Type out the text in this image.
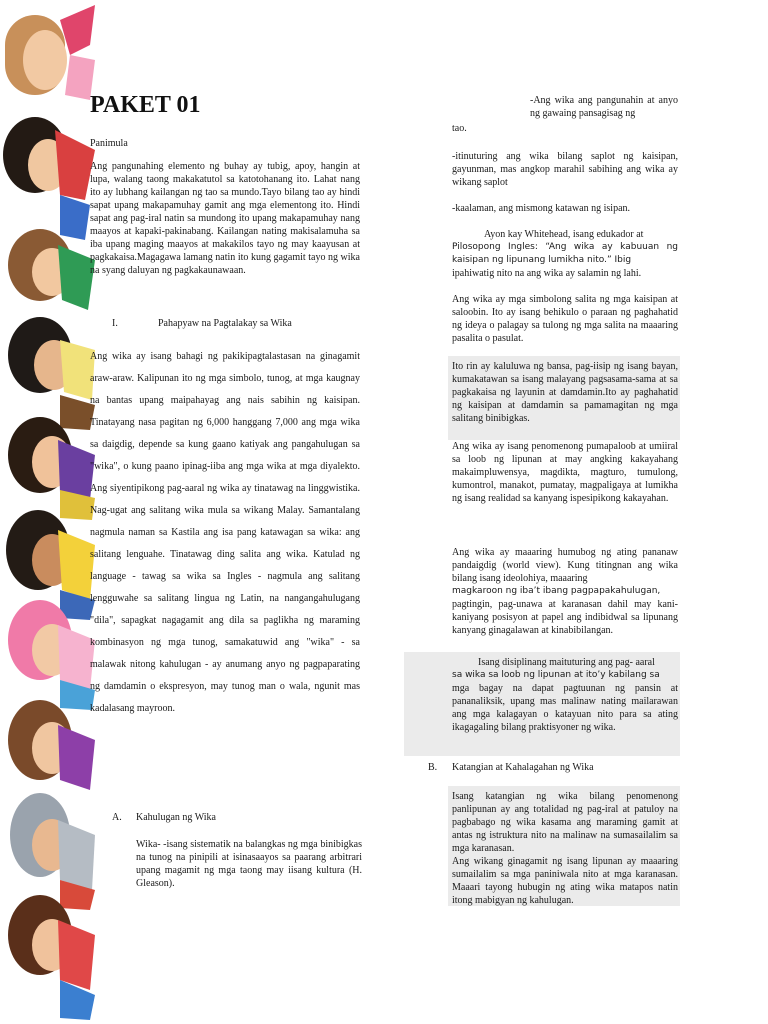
PAKET 01
Panimula
Ang pangunahing elemento ng buhay ay tubig, apoy, hangin at lupa, walang taong makakatutol sa katotohanang ito. Lahat nang ito ay lubhang kailangan ng tao sa mundo.Tayo bilang tao ay hindi sapat upang makapamuhay gamit ang mga elementong ito. Hindi sapat ang pag-iral natin sa mundong ito upang makapamuhay nang maayos at kapaki-pakinabang. Kailangan nating makisalamuha sa iba upang maging maayos at makakilos tayo ng may kaayusan at pagkakaisa.Magagawa lamang natin ito kung gagamit tayo ng wika na syang daluyan ng pagkakaunawaan.
I.	Pahapyaw na Pagtalakay sa Wika
Ang wika ay isang bahagi ng pakikipagtalastasan na ginagamit araw-araw. Kalipunan ito ng mga simbolo, tunog, at mga kaugnay na bantas upang maipahayag ang nais sabihin ng kaisipan. Tinatayang nasa pagitan ng 6,000 hanggang 7,000 ang mga wika sa daigdig, depende sa kung gaano katiyak ang pangahulugan sa "wika", o kung paano ipinag-iiba ang mga wika at mga diyalekto. Ang siyentipikong pag-aaral ng wika ay tinatawag na linggwistika. Nag-ugat ang salitang wika mula sa wikang Malay. Samantalang nagmula naman sa Kastila ang isa pang katawagan sa wika: ang salitang lenguahe. Tinatawag ding salita ang wika. Katulad ng language - tawag sa wika sa Ingles - nagmula ang salitang lengguwahe sa salitang lingua ng Latin, na nangangahulugang "dila", sapagkat nagagamit ang dila sa paglikha ng maraming kombinasyon ng mga tunog, samakatuwid ang "wika" - sa malawak nitong kahulugan - ay anumang anyo ng pagpaparating ng damdamin o ekspresyon, may tunog man o wala, ngunit mas kadalasang mayroon.
A. Kahulugan ng Wika
Wika- -isang sistematik na balangkas ng mga binibigkas na tunog na pinipili at isinasaayos sa paarang arbitrari upang magamit ng mga taong may iisang kultura (H. Gleason).
-Ang wika ang pangunahin at anyo ng gawaing pansagisag ng
tao.
-itinuturing ang wika bilang saplot ng kaisipan, gayunman, mas angkop marahil sabihing ang wika ay wikang saplot
-kaalaman, ang mismong katawan ng isipan.
Ayon kay Whitehead, isang edukador at
Pilosopong Ingles: “Ang wika ay kabuuan ng kaisipan ng lipunang lumikha nito.” Ibig
ipahiwatig nito na ang wika ay salamin ng lahi.
Ang wika ay mga simbolong salita ng mga kaisipan at saloobin. Ito ay isang behikulo o paraan ng paghahatid ng ideya o palagay sa tulong ng mga salita na maaaring pasalita o pasulat.
Ito rin ay kaluluwa ng bansa, pag-iisip ng isang bayan, kumakatawan sa isang malayang pagsasama-sama at sa pagkakaisa ng layunin at damdamin.Ito ay paghahatid ng kaisipan at damdamin sa pamamagitan ng mga salitang binibigkas.
Ang wika ay isang penomenong pumapaloob at umiiral sa loob ng lipunan at may angking kakayahang makaimpluwensya, magdikta, magturo, tumulong, kumontrol, manakot, pumatay, magpaligaya at lumikha ng isang realidad sa kanyang ispesipikong kakayahan.
Ang wika ay maaaring humubog ng ating pananaw pandaigdig (world view). Kung titingnan ang wika bilang isang ideolohiya, maaaring
magkaroon ng iba’t ibang pagpapakahulugan,
pagtingin, pag-unawa at karanasan dahil may kani-kaniyang posisyon at papel ang indibidwal sa lipunang kanyang ginagalawan at kinabibilangan.
Isang disiplinang maituturing ang pag- aaral
sa wika sa loob ng lipunan at ito’y kabilang sa
mga bagay na dapat pagtuunan ng pansin at pananaliksik, upang mas malinaw nating mailarawan ang mga kalagayan o katayuan nito para sa ating ikagagaling bilang praktisyoner ng wika.
B. Katangian at Kahalagahan ng Wika
Isang katangian ng wika bilang penomenong panlipunan ay ang totalidad ng pag-iral at patuloy na pagbabago ng wika kasama ang maraming gamit at antas ng istruktura nito na malinaw na sumasailalim sa mga karanasan.
Ang wikang ginagamit ng isang lipunan ay maaaring sumailalim sa mga paniniwala nito at mga karanasan. Maaari tayong hubugin ng ating wika matapos natin itong mabigyan ng kahulugan.
